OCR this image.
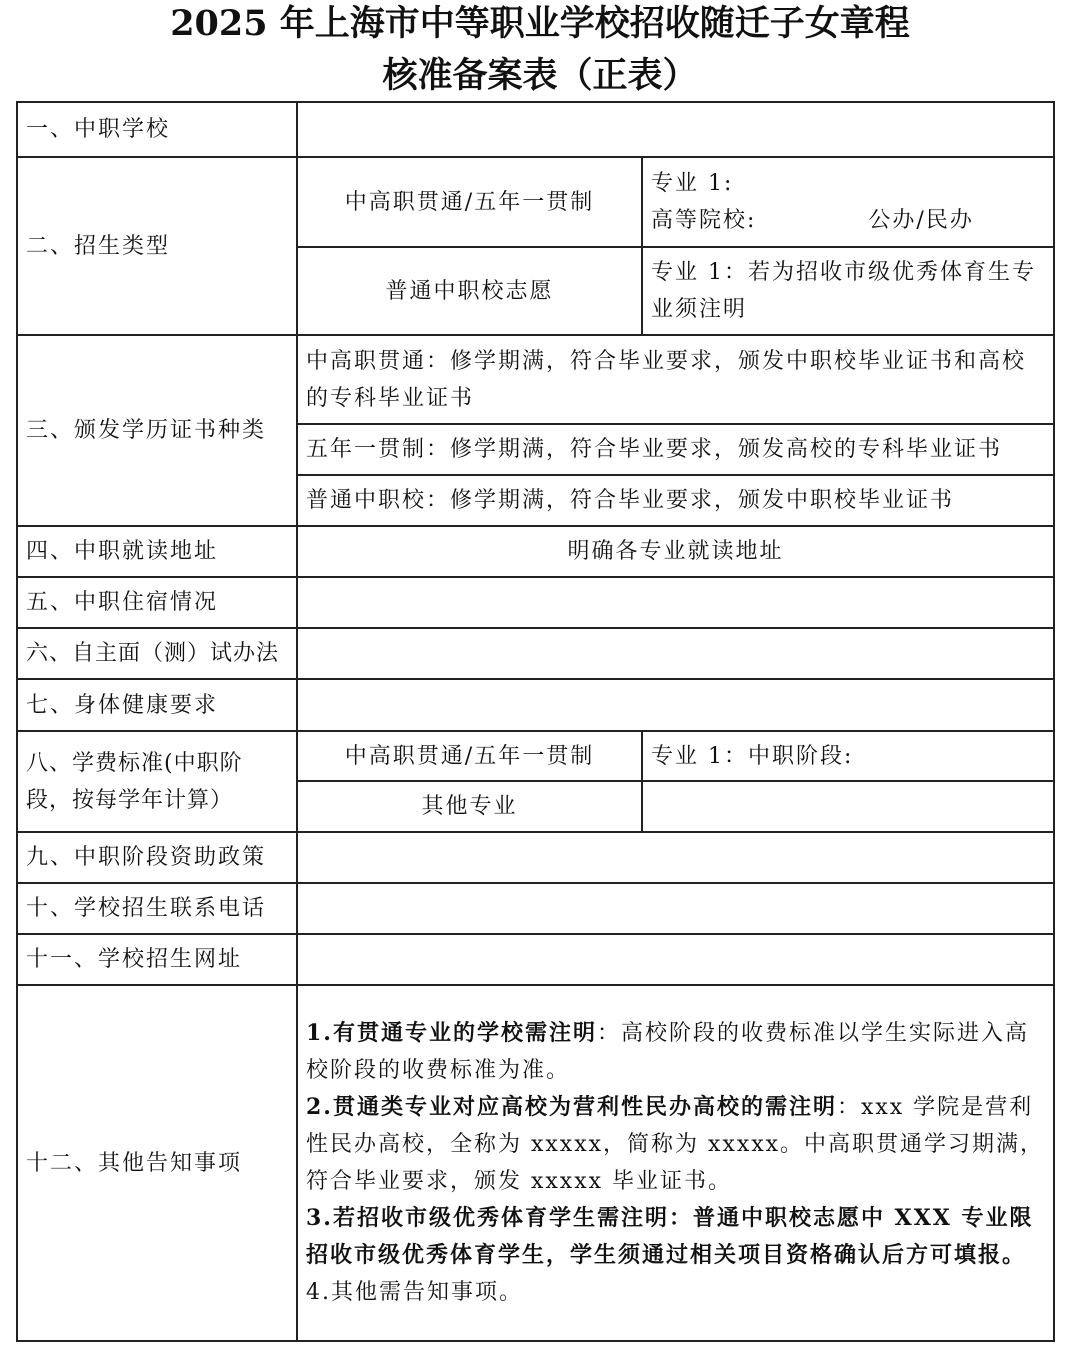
2025 年上海市中等职业学校招收随迁子女章程
核准备案表（正表）
一、中职学校		
二、招生类型	中高职贯通/五年一贯制	专业 1:
高等院校: 公办/民办

	普通中职校志愿	专业 1：若为招收市级优秀体育生专业须注明
三、颁发学历证书种类	中高职贯通：修学期满，符合毕业要求，颁发中职校毕业证书和高校的专科毕业证书	
	五年一贯制：修学期满，符合毕业要求，颁发高校的专科毕业证书	
	普通中职校：修学期满，符合毕业要求，颁发中职校毕业证书	
四、中职就读地址	明确各专业就读地址	
五、中职住宿情况		
六、自主面（测）试办法		
七、身体健康要求		
八、学费标准(中职阶段，按每学年计算）	中高职贯通/五年一贯制	专业 1：中职阶段:
	其他专业	
九、中职阶段资助政策		
十、学校招生联系电话		
十一、学校招生网址		
十二、其他告知事项	1.有贯通专业的学校需注明：高校阶段的收费标准以学生实际进入高校阶段的收费标准为准。
2.贯通类专业对应高校为营利性民办高校的需注明：xxx 学院是营利性民办高校，全称为 xxxxx，简称为 xxxxx。中高职贯通学习期满，符合毕业要求，颁发 xxxxx 毕业证书。
3.若招收市级优秀体育学生需注明：普通中职校志愿中 XXX 专业限招收市级优秀体育学生，学生须通过相关项目资格确认后方可填报。
4.其他需告知事项。	
